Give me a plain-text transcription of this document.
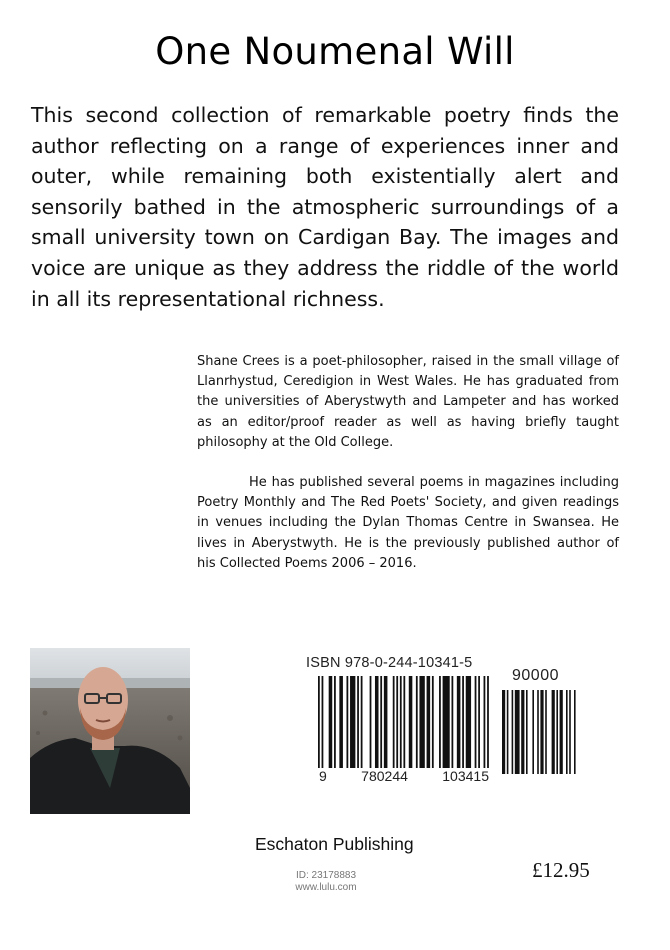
One Noumenal Will
This second collection of remarkable poetry finds the author reflecting on a range of experiences inner and outer, while remaining both existentially alert and sensorily bathed in the atmospheric surroundings of a small university town on Cardigan Bay. The images and voice are unique as they address the riddle of the world in all its representational richness.

Shane Crees is a poet-philosopher, raised in the small village of Llanrhystud, Ceredigion in West Wales. He has graduated from the universities of Aberystwyth and Lampeter and has worked as an editor/proof reader as well as having briefly taught philosophy at the Old College.

He has published several poems in magazines including Poetry Monthly and The Red Poets' Society, and given readings in venues including the Dylan Thomas Centre in Swansea. He lives in Aberystwyth. He is the previously published author of his Collected Poems 2006 – 2016.

ISBN 978-0-244-10341-5
90000
9 780244 103415
Eschaton Publishing
£12.95
ID: 23178883
www.lulu.com
